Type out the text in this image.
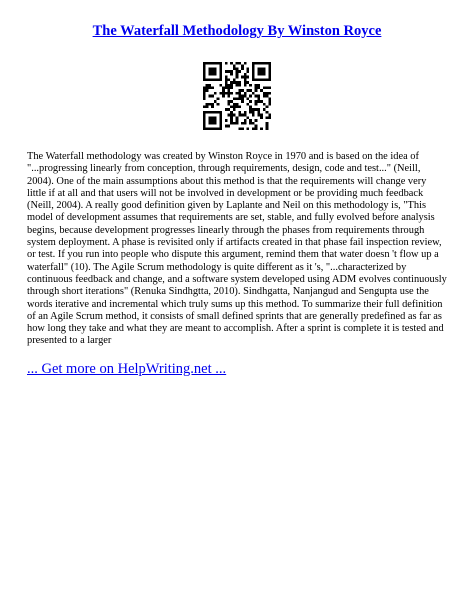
The Waterfall Methodology By Winston Royce

The Waterfall methodology was created by Winston Royce in 1970 and is based on the idea of "...progressing linearly from conception, through requirements, design, code and test..." (Neill, 2004). One of the main assumptions about this method is that the requirements will change very little if at all and that users will not be involved in development or be providing much feedback (Neill, 2004). A really good definition given by Laplante and Neil on this methodology is, "This model of development assumes that requirements are set, stable, and fully evolved before analysis begins, because development progresses linearly through the phases from requirements through system deployment. A phase is revisited only if artifacts created in that phase fail inspection review, or test. If you run into people who dispute this argument, remind them that water doesn 't flow up a waterfall" (10). The Agile Scrum methodology is quite different as it 's, "...characterized by continuous feedback and change, and a software system developed using ADM evolves continuously through short iterations" (Renuka Sindhgtta, 2010). Sindhgatta, Nanjangud and Sengupta use the words iterative and incremental which truly sums up this method. To summarize their full definition of an Agile Scrum method, it consists of small defined sprints that are generally predefined as far as how long they take and what they are meant to accomplish. After a sprint is complete it is tested and presented to a larger

... Get more on HelpWriting.net ...
